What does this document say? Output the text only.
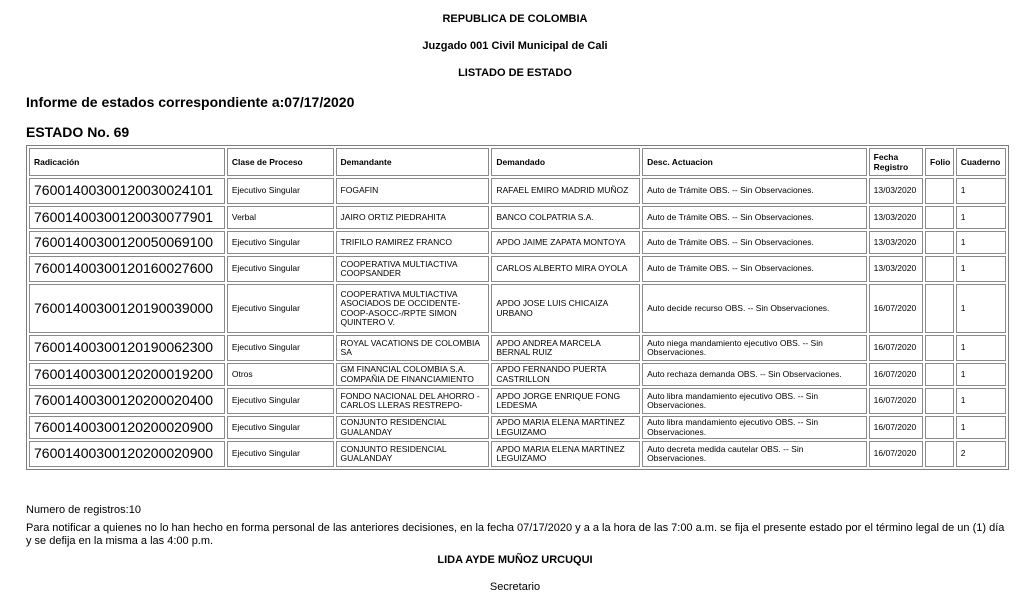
REPUBLICA DE COLOMBIA
Juzgado 001 Civil Municipal de Cali
LISTADO DE ESTADO
Informe de estados correspondiente a:07/17/2020
ESTADO No. 69
Radicación	Clase de Proceso	Demandante	Demandado	Desc. Actuacion	Fecha Registro	Folio	Cuaderno
76001400300120030024101	Ejecutivo Singular	FOGAFIN	RAFAEL EMIRO MADRID MUÑOZ	Auto de Trámite OBS. -- Sin Observaciones.	13/03/2020		1
76001400300120030077901	Verbal	JAIRO ORTIZ PIEDRAHITA	BANCO COLPATRIA S.A.	Auto de Trámite OBS. -- Sin Observaciones.	13/03/2020		1
76001400300120050069100	Ejecutivo Singular	TRIFILO RAMIREZ FRANCO	APDO JAIME ZAPATA MONTOYA	Auto de Trámite OBS. -- Sin Observaciones.	13/03/2020		1
76001400300120160027600	Ejecutivo Singular	COOPERATIVA MULTIACTIVA COOPSANDER	CARLOS ALBERTO MIRA OYOLA	Auto de Trámite OBS. -- Sin Observaciones.	13/03/2020		1
76001400300120190039000	Ejecutivo Singular	COOPERATIVA MULTIACTIVA ASOCIADOS DE OCCIDENTE-COOP-ASOCC-/RPTE SIMON QUINTERO V.	APDO JOSE LUIS CHICAIZA URBANO	Auto decide recurso OBS. -- Sin Observaciones.	16/07/2020		1
76001400300120190062300	Ejecutivo Singular	ROYAL VACATIONS DE COLOMBIA SA	APDO ANDREA MARCELA BERNAL RUIZ	Auto niega mandamiento ejecutivo OBS. -- Sin Observaciones.	16/07/2020		1
76001400300120200019200	Otros	GM FINANCIAL COLOMBIA S.A. COMPAÑIA DE FINANCIAMIENTO	APDO FERNANDO PUERTA CASTRILLON	Auto rechaza demanda OBS. -- Sin Observaciones.	16/07/2020		1
76001400300120200020400	Ejecutivo Singular	FONDO NACIONAL DEL AHORRO -CARLOS LLERAS RESTREPO-	APDO JORGE ENRIQUE FONG LEDESMA	Auto libra mandamiento ejecutivo OBS. -- Sin Observaciones.	16/07/2020		1
76001400300120200020900	Ejecutivo Singular	CONJUNTO RESIDENCIAL GUALANDAY	APDO MARIA ELENA MARTINEZ LEGUIZAMO	Auto libra mandamiento ejecutivo OBS. -- Sin Observaciones.	16/07/2020		1
76001400300120200020900	Ejecutivo Singular	CONJUNTO RESIDENCIAL GUALANDAY	APDO MARIA ELENA MARTINEZ LEGUIZAMO	Auto decreta medida cautelar OBS. -- Sin Observaciones.	16/07/2020		2
Numero de registros:10
Para notificar a quienes no lo han hecho en forma personal de las anteriores decisiones, en la fecha 07/17/2020 y a a la hora de las 7:00 a.m. se fija el presente estado por el término legal de un (1) día y se defija en la misma a las 4:00 p.m.
LIDA AYDE MUÑOZ URCUQUI
Secretario
